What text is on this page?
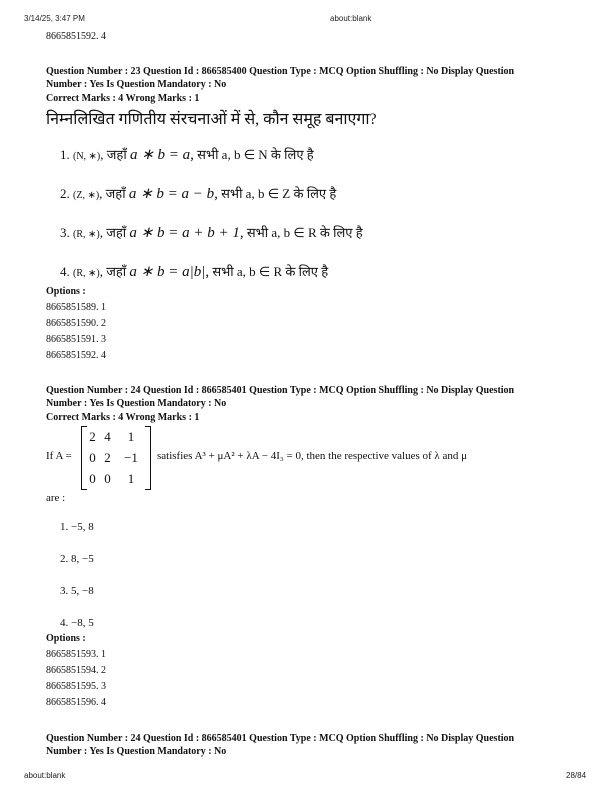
3/14/25, 3:47 PM	about:blank
8665851592. 4
Question Number : 23 Question Id : 866585400 Question Type : MCQ Option Shuffling : No Display Question
Number : Yes Is Question Mandatory : No
Correct Marks : 4 Wrong Marks : 1
निम्नलिखित गणितीय संरचनाओं में से, कौन समूह बनाएगा?
1. (N, ∗), जहाँ a ∗ b = a, सभी a, b ∈ N के लिए है
2. (Z, ∗), जहाँ a ∗ b = a − b, सभी a, b ∈ Z के लिए है
3. (R, ∗), जहाँ a ∗ b = a + b + 1, सभी a, b ∈ R के लिए है
4. (R, ∗), जहाँ a ∗ b = a|b|, सभी a, b ∈ R के लिए है
Options :
8665851589. 1
8665851590. 2
8665851591. 3
8665851592. 4
Question Number : 24 Question Id : 866585401 Question Type : MCQ Option Shuffling : No Display Question
Number : Yes Is Question Mandatory : No
Correct Marks : 4 Wrong Marks : 1
If A =
2	4	1
0	2	−1
0	0	1
satisfies A³ + μA² + λA − 4I₃ = 0, then the respective values of λ and μ
are :
1. −5, 8
2. 8, −5
3. 5, −8
4. −8, 5
Options :
8665851593. 1
8665851594. 2
8665851595. 3
8665851596. 4
Question Number : 24 Question Id : 866585401 Question Type : MCQ Option Shuffling : No Display Question
Number : Yes Is Question Mandatory : No
about:blank	28/84
